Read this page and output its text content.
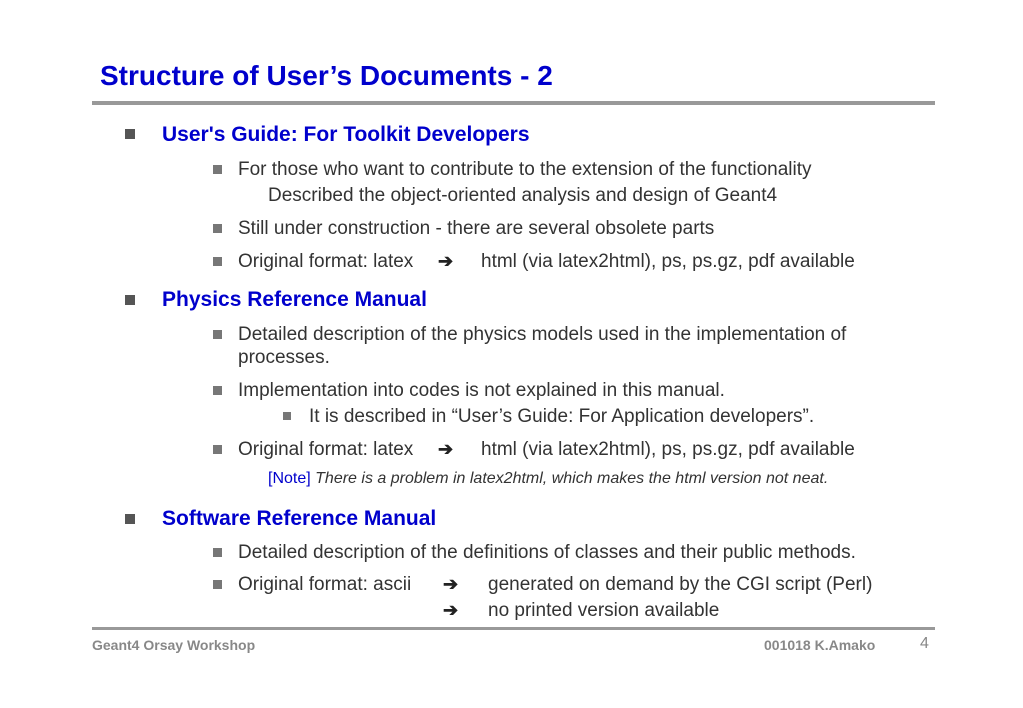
Structure of User’s Documents - 2
User's Guide: For Toolkit Developers
For those who want to contribute to the extension of the functionality
Described the object-oriented analysis and design of Geant4
Still under construction - there are several obsolete parts
Original format: latex ➔ html (via latex2html), ps, ps.gz, pdf available
Physics Reference Manual
Detailed description of the physics models used in the implementation of
processes.
Implementation into codes is not explained in this manual.
It is described in “User’s Guide: For Application developers”.
Original format: latex ➔ html (via latex2html), ps, ps.gz, pdf available
[Note] There is a problem in latex2html, which makes the html version not neat.
Software Reference Manual
Detailed description of the definitions of classes and their public methods.
Original format: ascii ➔ generated on demand by the CGI script (Perl)
➔ no printed version available
Geant4 Orsay Workshop	001018 K.Amako	4
